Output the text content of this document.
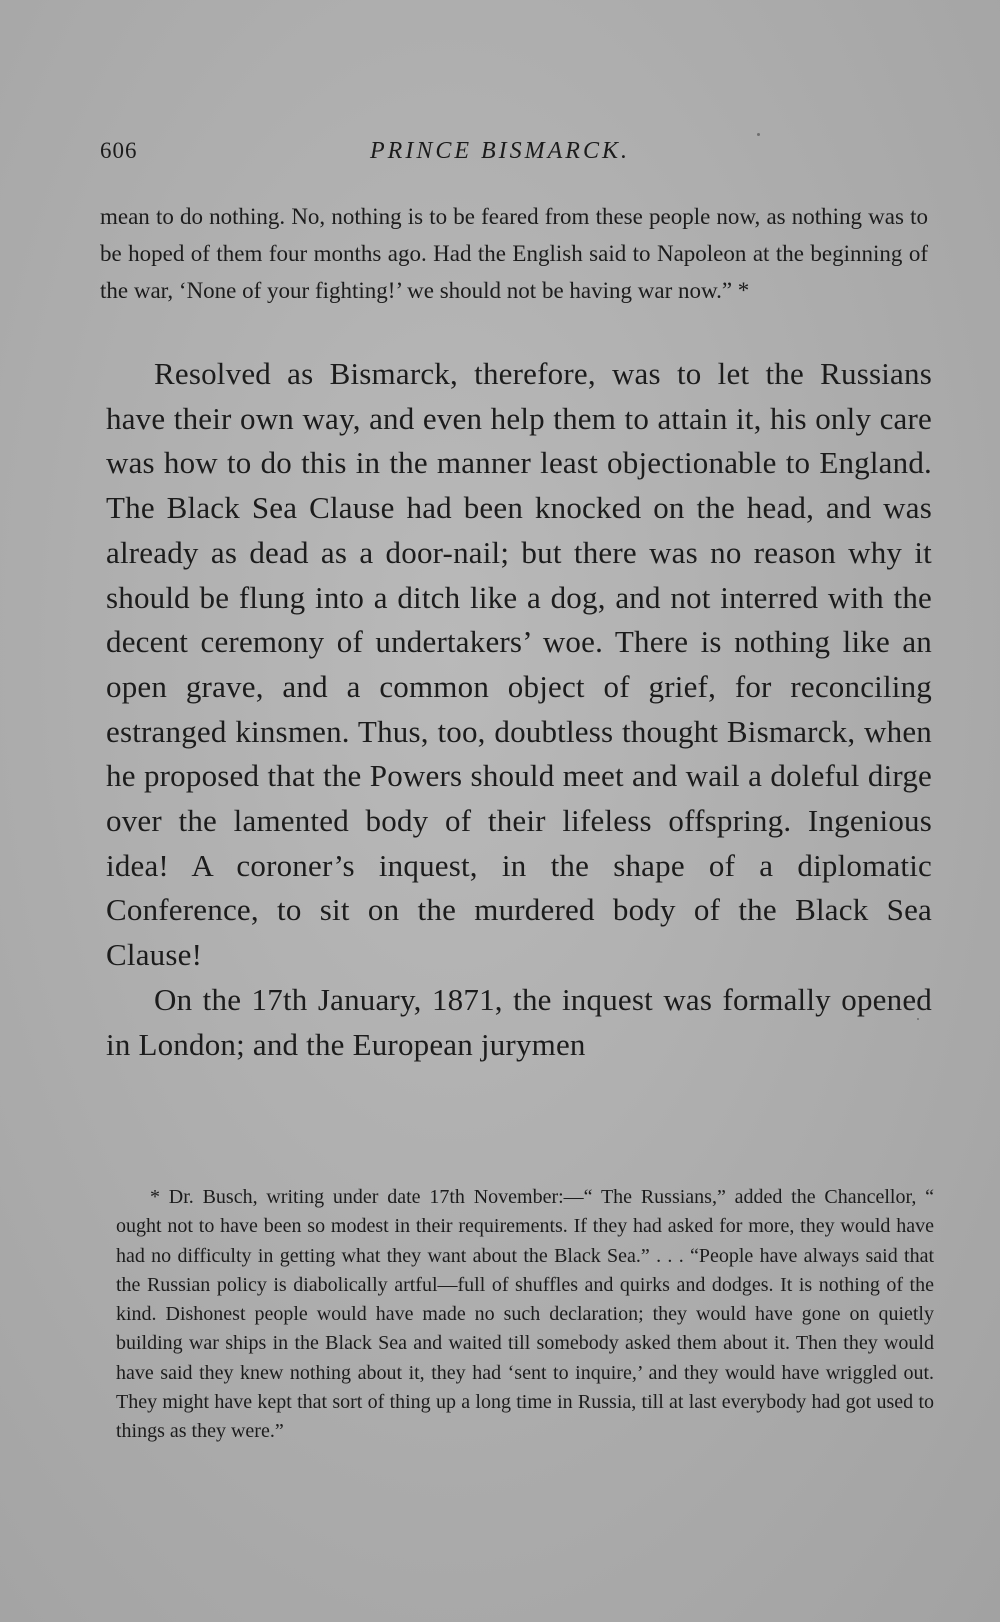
606	PRINCE BISMARCK.
mean to do nothing. No, nothing is to be feared from these people now, as nothing was to be hoped of them four months ago. Had the English said to Napoleon at the beginning of the war, ‘None of your fighting!’ we should not be having war now.” *

Resolved as Bismarck, therefore, was to let the Russians have their own way, and even help them to attain it, his only care was how to do this in the manner least objectionable to England. The Black Sea Clause had been knocked on the head, and was already as dead as a door-nail; but there was no reason why it should be flung into a ditch like a dog, and not interred with the decent ceremony of undertakers’ woe. There is nothing like an open grave, and a common object of grief, for reconciling estranged kinsmen. Thus, too, doubtless thought Bismarck, when he proposed that the Powers should meet and wail a doleful dirge over the lamented body of their lifeless offspring. Ingenious idea! A coroner’s inquest, in the shape of a diplomatic Conference, to sit on the murdered body of the Black Sea Clause!

On the 17th January, 1871, the inquest was formally opened in London; and the European jurymen

* Dr. Busch, writing under date 17th November:—“ The Russians,” added the Chancellor, “ ought not to have been so modest in their requirements. If they had asked for more, they would have had no difficulty in getting what they want about the Black Sea.” . . . “People have always said that the Russian policy is diabolically artful—full of shuffles and quirks and dodges. It is nothing of the kind. Dishonest people would have made no such declaration; they would have gone on quietly building war ships in the Black Sea and waited till somebody asked them about it. Then they would have said they knew nothing about it, they had ‘sent to inquire,’ and they would have wriggled out. They might have kept that sort of thing up a long time in Russia, till at last everybody had got used to things as they were.”
